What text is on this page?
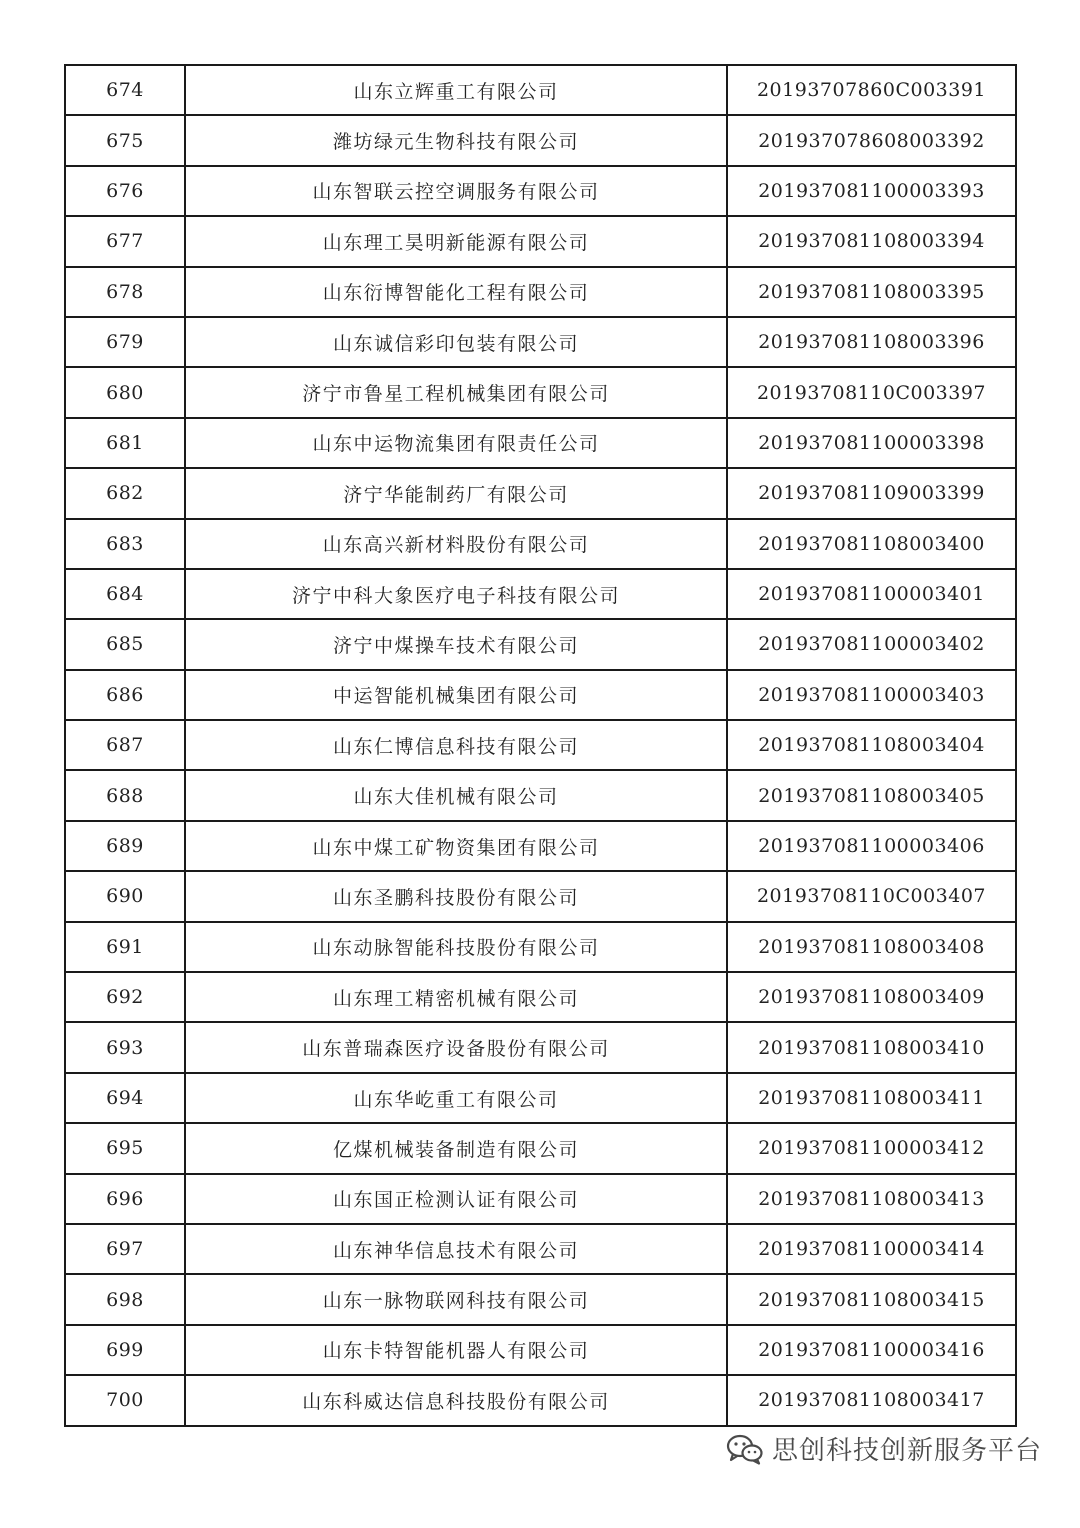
674	山东立辉重工有限公司	20193707860C003391
675	潍坊绿元生物科技有限公司	201937078608003392
676	山东智联云控空调服务有限公司	201937081100003393
677	山东理工昊明新能源有限公司	201937081108003394
678	山东衍博智能化工程有限公司	201937081108003395
679	山东诚信彩印包装有限公司	201937081108003396
680	济宁市鲁星工程机械集团有限公司	20193708110C003397
681	山东中运物流集团有限责任公司	201937081100003398
682	济宁华能制药厂有限公司	201937081109003399
683	山东高兴新材料股份有限公司	201937081108003400
684	济宁中科大象医疗电子科技有限公司	201937081100003401
685	济宁中煤操车技术有限公司	201937081100003402
686	中运智能机械集团有限公司	201937081100003403
687	山东仁博信息科技有限公司	201937081108003404
688	山东大佳机械有限公司	201937081108003405
689	山东中煤工矿物资集团有限公司	201937081100003406
690	山东圣鹏科技股份有限公司	20193708110C003407
691	山东动脉智能科技股份有限公司	201937081108003408
692	山东理工精密机械有限公司	201937081108003409
693	山东普瑞森医疗设备股份有限公司	201937081108003410
694	山东华屹重工有限公司	201937081108003411
695	亿煤机械装备制造有限公司	201937081100003412
696	山东国正检测认证有限公司	201937081108003413
697	山东神华信息技术有限公司	201937081100003414
698	山东一脉物联网科技有限公司	201937081108003415
699	山东卡特智能机器人有限公司	201937081100003416
700	山东科威达信息科技股份有限公司	201937081108003417
思创科技创新服务平台
